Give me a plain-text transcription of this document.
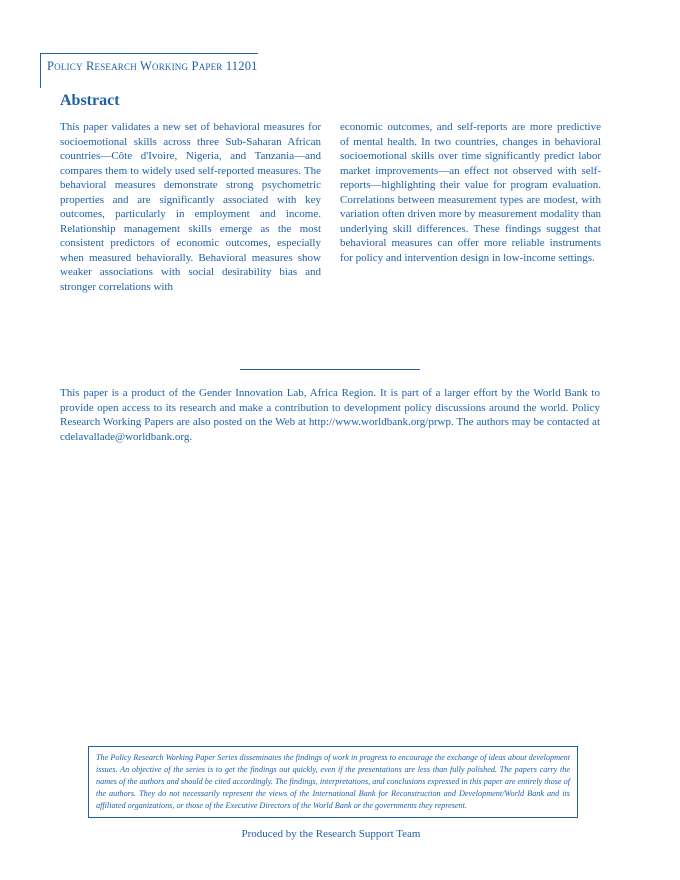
Policy Research Working Paper 11201
Abstract

This paper validates a new set of behavioral measures for socioemotional skills across three Sub-Saharan African countries—Côte d'Ivoire, Nigeria, and Tanzania—and compares them to widely used self-reported measures. The behavioral measures demonstrate strong psychometric properties and are significantly associated with key outcomes, particularly in employment and income. Relationship management skills emerge as the most consistent predictors of economic outcomes, especially when measured behaviorally. Behavioral measures show weaker associations with social desirability bias and stronger correlations with

economic outcomes, and self-reports are more predictive of mental health. In two countries, changes in behavioral socioemotional skills over time significantly predict labor market improvements—an effect not observed with self-reports—highlighting their value for program evaluation. Correlations between measurement types are modest, with variation often driven more by measurement modality than underlying skill differences. These findings suggest that behavioral measures can offer more reliable instruments for policy and intervention design in low-income settings.

This paper is a product of the Gender Innovation Lab, Africa Region. It is part of a larger effort by the World Bank to provide open access to its research and make a contribution to development policy discussions around the world. Policy Research Working Papers are also posted on the Web at http://www.worldbank.org/prwp. The authors may be contacted at cdelavallade@worldbank.org.

The Policy Research Working Paper Series disseminates the findings of work in progress to encourage the exchange of ideas about development issues. An objective of the series is to get the findings out quickly, even if the presentations are less than fully polished. The papers carry the names of the authors and should be cited accordingly. The findings, interpretations, and conclusions expressed in this paper are entirely those of the authors. They do not necessarily represent the views of the International Bank for Reconstruction and Development/World Bank and its affiliated organizations, or those of the Executive Directors of the World Bank or the governments they represent.

Produced by the Research Support Team
